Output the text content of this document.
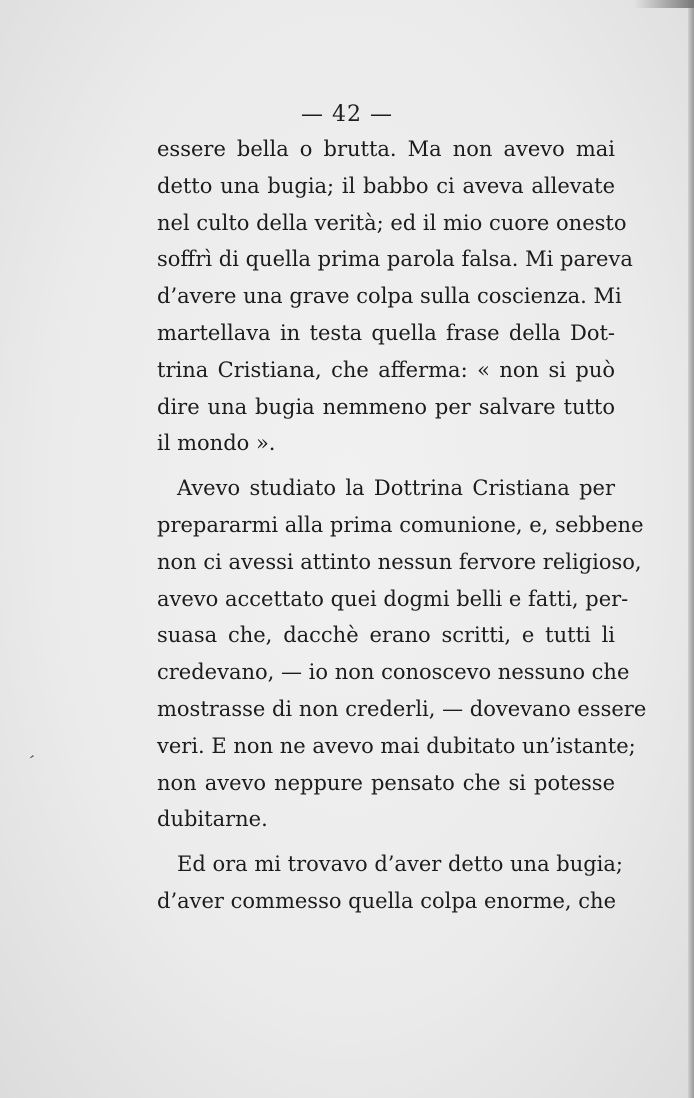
— 42 —

essere bella o brutta. Ma non avevo mai
detto una bugia; il babbo ci aveva allevate
nel culto della verità; ed il mio cuore onesto
soffrì di quella prima parola falsa. Mi pareva
d’avere una grave colpa sulla coscienza. Mi
martellava in testa quella frase della Dot-
trina Cristiana, che afferma: « non si può
dire una bugia nemmeno per salvare tutto
il mondo ».

Avevo studiato la Dottrina Cristiana per
prepararmi alla prima comunione, e, sebbene
non ci avessi attinto nessun fervore religioso,
avevo accettato quei dogmi belli e fatti, per-
suasa che, dacchè erano scritti, e tutti li
credevano, — io non conoscevo nessuno che
mostrasse di non crederli, — dovevano essere
veri. E non ne avevo mai dubitato un’istante;
non avevo neppure pensato che si potesse
dubitarne.

Ed ora mi trovavo d’aver detto una bugia;
d’aver commesso quella colpa enorme, che

′
